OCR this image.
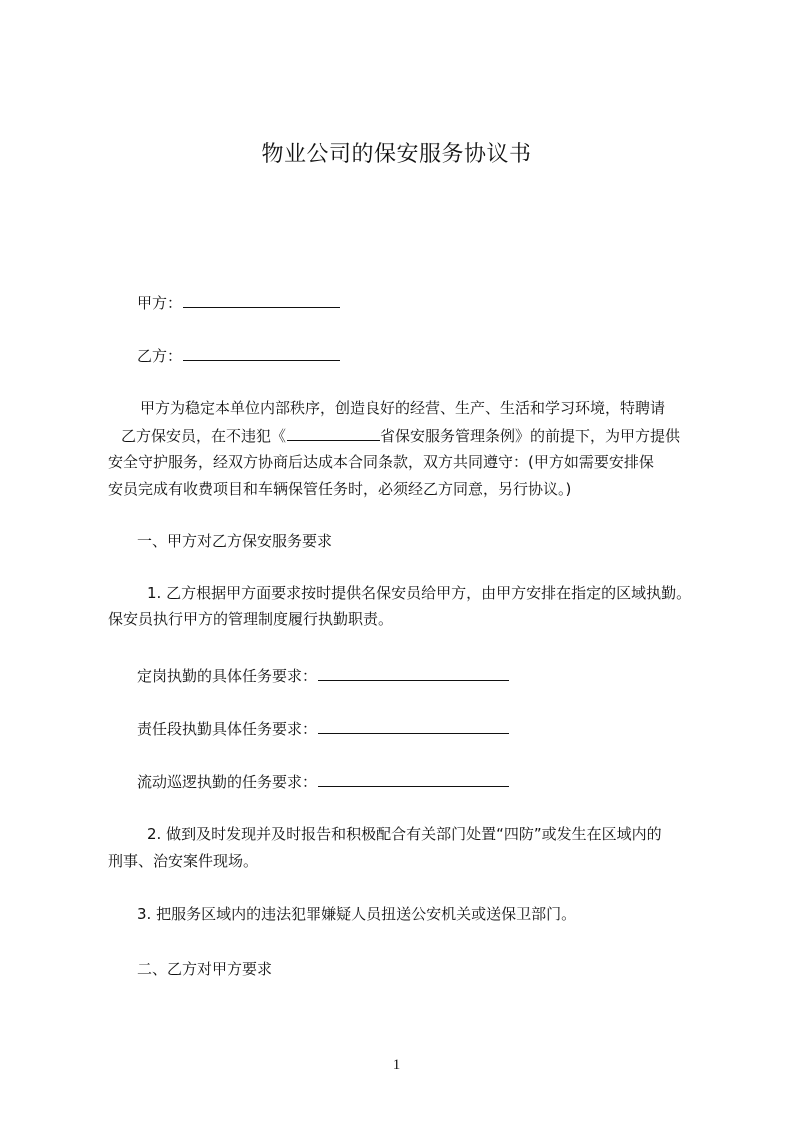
物业公司的保安服务协议书
甲方：
乙方：
甲方为稳定本单位内部秩序，创造良好的经营、生产、生活和学习环境，特聘请
乙方保安员，在不违犯《	省保安服务管理条例》的前提下，为甲方提供
安全守护服务，经双方协商后达成本合同条款，双方共同遵守：(甲方如需要安排保
安员完成有收费项目和车辆保管任务时，必须经乙方同意，另行协议。)
一、甲方对乙方保安服务要求
1. 乙方根据甲方面要求按时提供名保安员给甲方，由甲方安排在指定的区域执勤。
保安员执行甲方的管理制度履行执勤职责。
定岗执勤的具体任务要求：
责任段执勤具体任务要求：
流动巡逻执勤的任务要求：
2. 做到及时发现并及时报告和积极配合有关部门处置“四防”或发生在区域内的
刑事、治安案件现场。
3. 把服务区域内的违法犯罪嫌疑人员扭送公安机关或送保卫部门。
二、乙方对甲方要求
1
